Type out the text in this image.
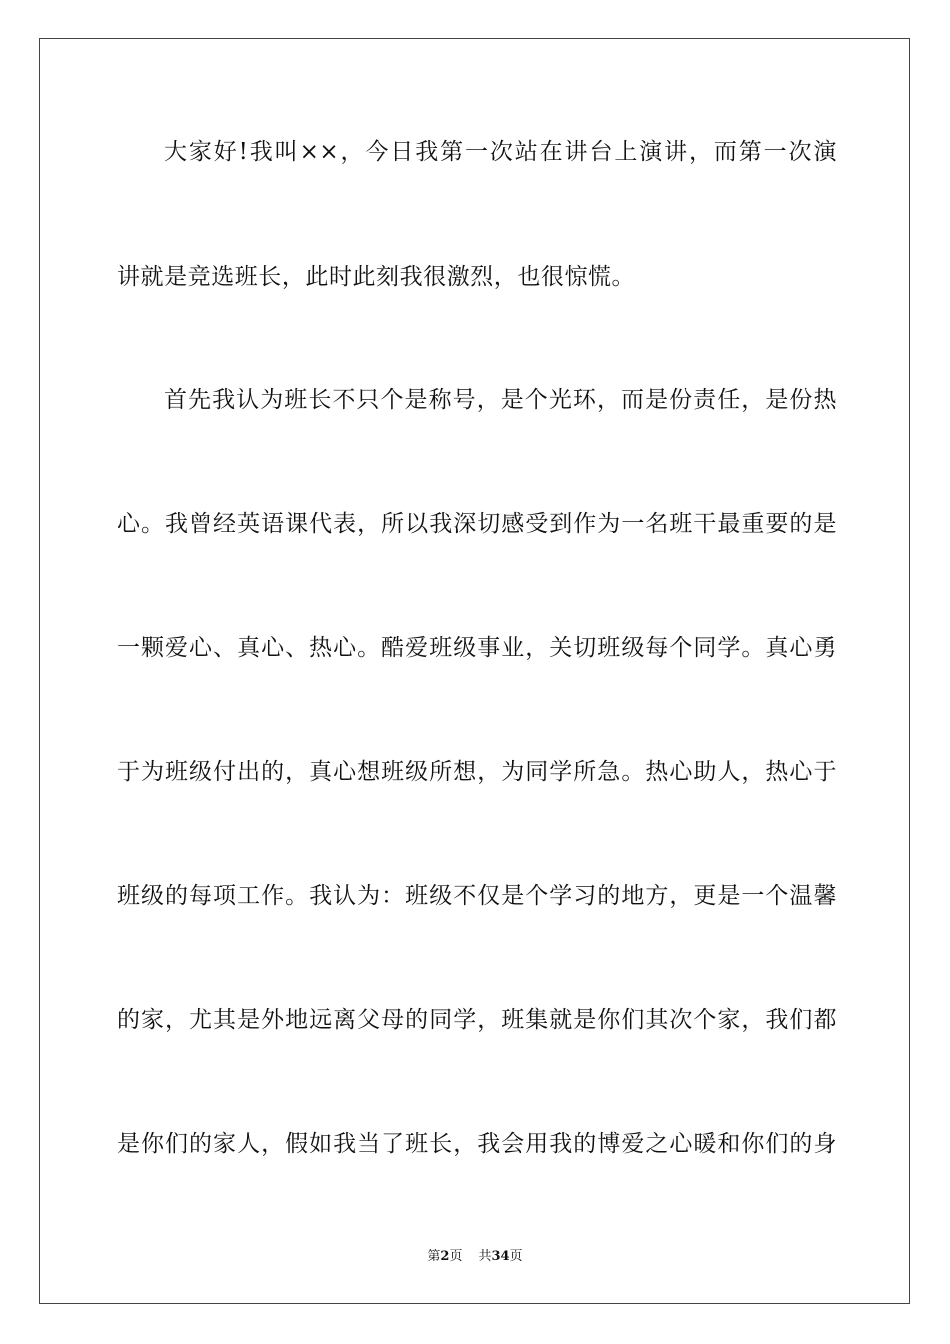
大家好!我叫××，今日我第一次站在讲台上演讲，而第一次演
讲就是竞选班长，此时此刻我很激烈，也很惊慌。
首先我认为班长不只个是称号，是个光环，而是份责任，是份热
心。我曾经英语课代表，所以我深切感受到作为一名班干最重要的是
一颗爱心、真心、热心。酷爱班级事业，关切班级每个同学。真心勇
于为班级付出的，真心想班级所想，为同学所急。热心助人，热心于
班级的每项工作。我认为：班级不仅是个学习的地方，更是一个温馨
的家，尤其是外地远离父母的同学，班集就是你们其次个家，我们都
是你们的家人，假如我当了班长，我会用我的博爱之心暖和你们的身
第2页 共34页
